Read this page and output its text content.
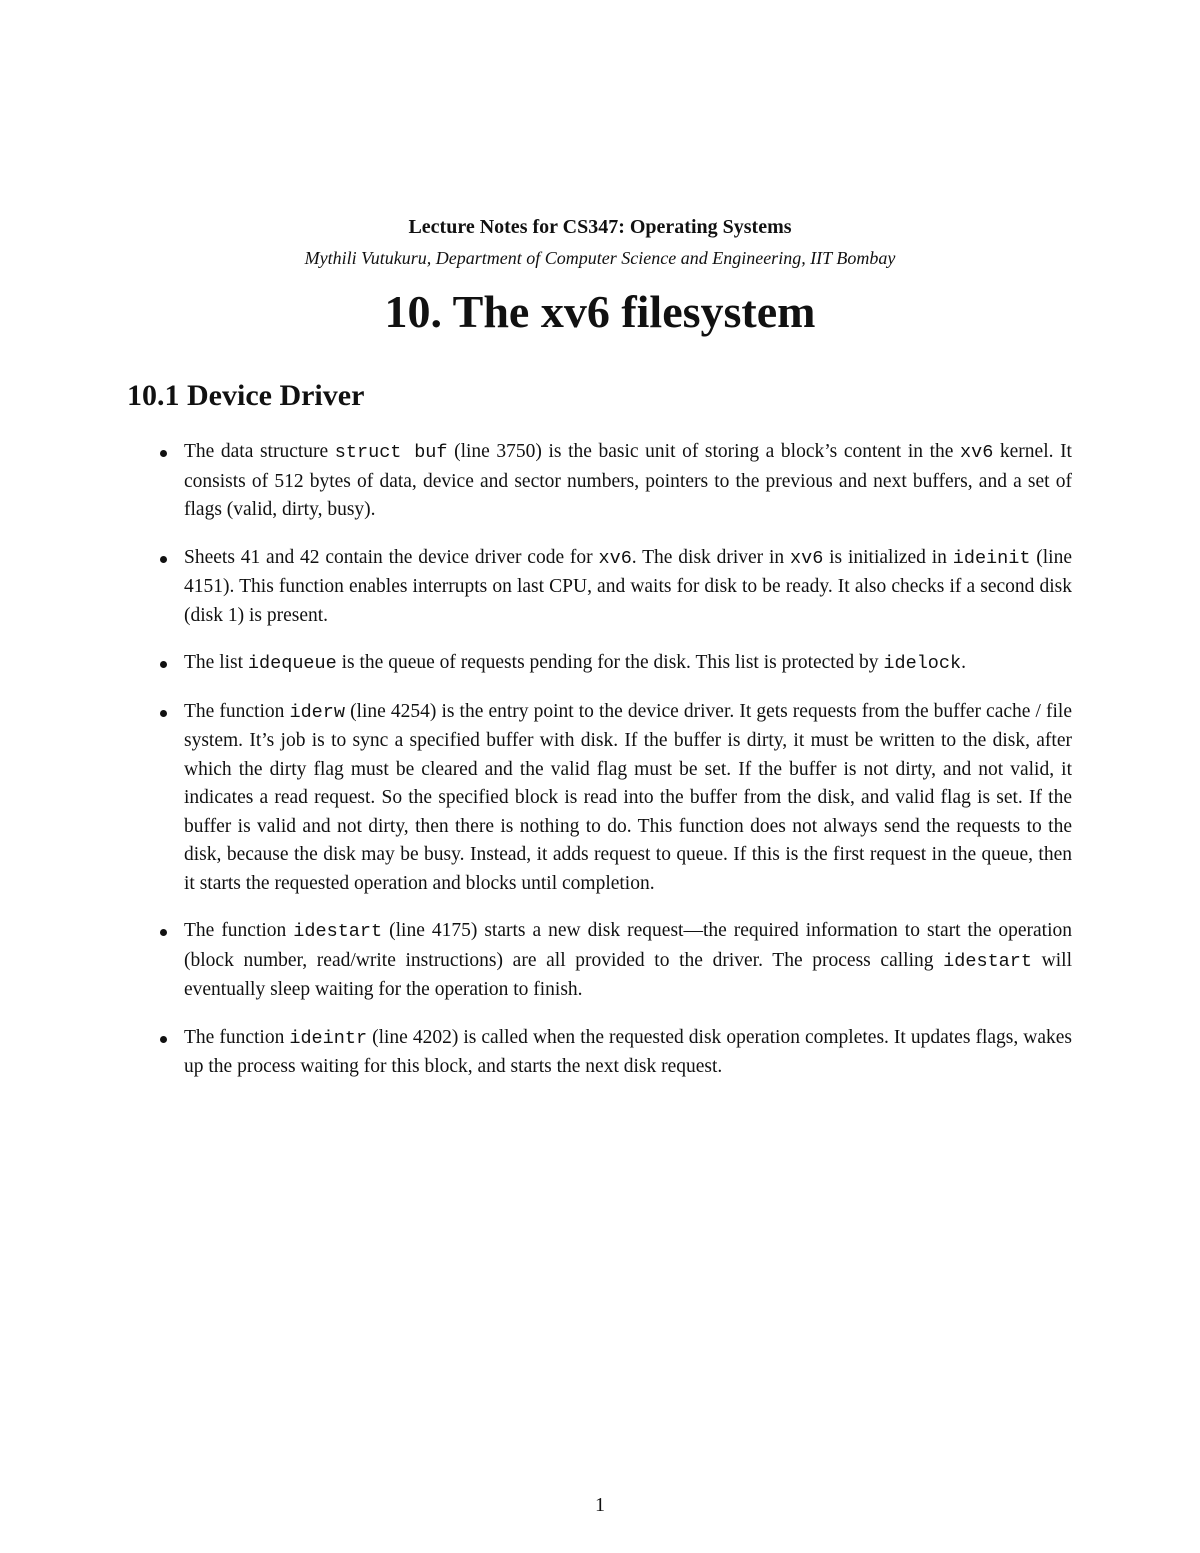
Lecture Notes for CS347: Operating Systems
Mythili Vutukuru, Department of Computer Science and Engineering, IIT Bombay
10. The xv6 filesystem
10.1 Device Driver
The data structure struct buf (line 3750) is the basic unit of storing a block’s content in the xv6 kernel. It consists of 512 bytes of data, device and sector numbers, pointers to the previous and next buffers, and a set of flags (valid, dirty, busy).
Sheets 41 and 42 contain the device driver code for xv6. The disk driver in xv6 is initialized in ideinit (line 4151). This function enables interrupts on last CPU, and waits for disk to be ready. It also checks if a second disk (disk 1) is present.
The list idequeue is the queue of requests pending for the disk. This list is protected by idelock.
The function iderw (line 4254) is the entry point to the device driver. It gets requests from the buffer cache / file system. It’s job is to sync a specified buffer with disk. If the buffer is dirty, it must be written to the disk, after which the dirty flag must be cleared and the valid flag must be set. If the buffer is not dirty, and not valid, it indicates a read request. So the specified block is read into the buffer from the disk, and valid flag is set. If the buffer is valid and not dirty, then there is nothing to do. This function does not always send the requests to the disk, because the disk may be busy. Instead, it adds request to queue. If this is the first request in the queue, then it starts the requested operation and blocks until completion.
The function idestart (line 4175) starts a new disk request—the required information to start the operation (block number, read/write instructions) are all provided to the driver. The process calling idestart will eventually sleep waiting for the operation to finish.
The function ideintr (line 4202) is called when the requested disk operation completes. It updates flags, wakes up the process waiting for this block, and starts the next disk request.
1
